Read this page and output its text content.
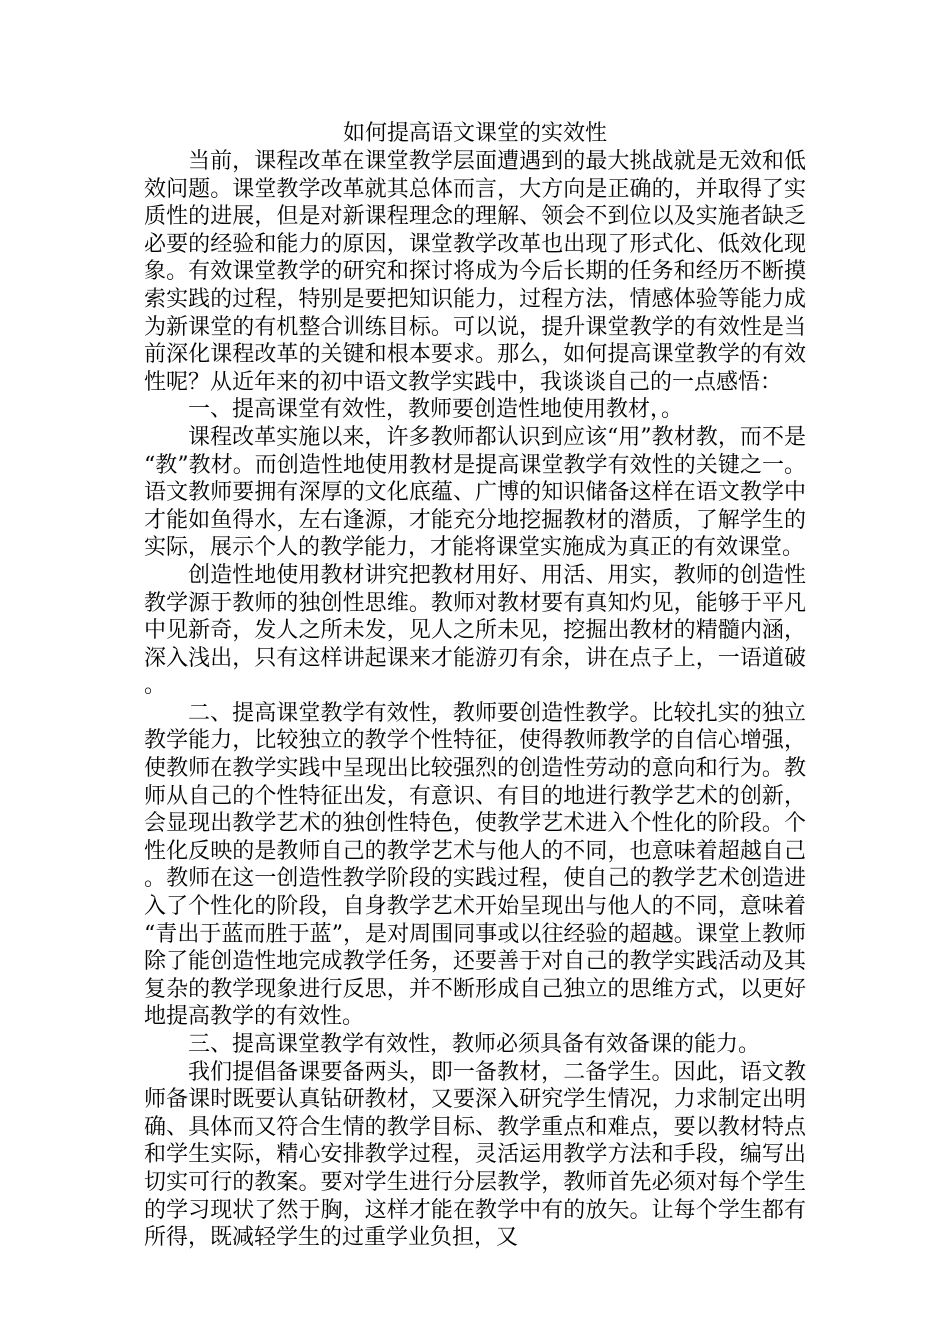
如何提高语文课堂的实效性

当前，课程改革在课堂教学层面遭遇到的最大挑战就是无效和低效问题。课堂教学改革就其总体而言，大方向是正确的，并取得了实质性的进展，但是对新课程理念的理解、领会不到位以及实施者缺乏必要的经验和能力的原因，课堂教学改革也出现了形式化、低效化现象。有效课堂教学的研究和探讨将成为今后长期的任务和经历不断摸索实践的过程，特别是要把知识能力，过程方法，情感体验等能力成为新课堂的有机整合训练目标。可以说，提升课堂教学的有效性是当前深化课程改革的关键和根本要求。那么，如何提高课堂教学的有效性呢？从近年来的初中语文教学实践中，我谈谈自己的一点感悟：

一、提高课堂有效性，教师要创造性地使用教材，。

课程改革实施以来，许多教师都认识到应该“用”教材教，而不是“教”教材。而创造性地使用教材是提高课堂教学有效性的关键之一。语文教师要拥有深厚的文化底蕴、广博的知识储备这样在语文教学中才能如鱼得水，左右逢源，才能充分地挖掘教材的潜质，了解学生的实际，展示个人的教学能力，才能将课堂实施成为真正的有效课堂。

创造性地使用教材讲究把教材用好、用活、用实，教师的创造性教学源于教师的独创性思维。教师对教材要有真知灼见，能够于平凡中见新奇，发人之所未发，见人之所未见，挖掘出教材的精髓内涵，深入浅出，只有这样讲起课来才能游刃有余，讲在点子上，一语道破。

二、提高课堂教学有效性，教师要创造性教学。比较扎实的独立教学能力，比较独立的教学个性特征，使得教师教学的自信心增强，使教师在教学实践中呈现出比较强烈的创造性劳动的意向和行为。教师从自己的个性特征出发，有意识、有目的地进行教学艺术的创新，会显现出教学艺术的独创性特色，使教学艺术进入个性化的阶段。个性化反映的是教师自己的教学艺术与他人的不同，也意味着超越自己。教师在这一创造性教学阶段的实践过程，使自己的教学艺术创造进入了个性化的阶段，自身教学艺术开始呈现出与他人的不同，意味着“青出于蓝而胜于蓝”，是对周围同事或以往经验的超越。课堂上教师除了能创造性地完成教学任务，还要善于对自己的教学实践活动及其复杂的教学现象进行反思，并不断形成自己独立的思维方式，以更好地提高教学的有效性。

三、提高课堂教学有效性，教师必须具备有效备课的能力。

我们提倡备课要备两头，即一备教材，二备学生。因此，语文教师备课时既要认真钻研教材，又要深入研究学生情况，力求制定出明确、具体而又符合生情的教学目标、教学重点和难点，要以教材特点和学生实际，精心安排教学过程，灵活运用教学方法和手段，编写出切实可行的教案。要对学生进行分层教学，教师首先必须对每个学生的学习现状了然于胸，这样才能在教学中有的放矢。让每个学生都有所得，既减轻学生的过重学业负担，又
